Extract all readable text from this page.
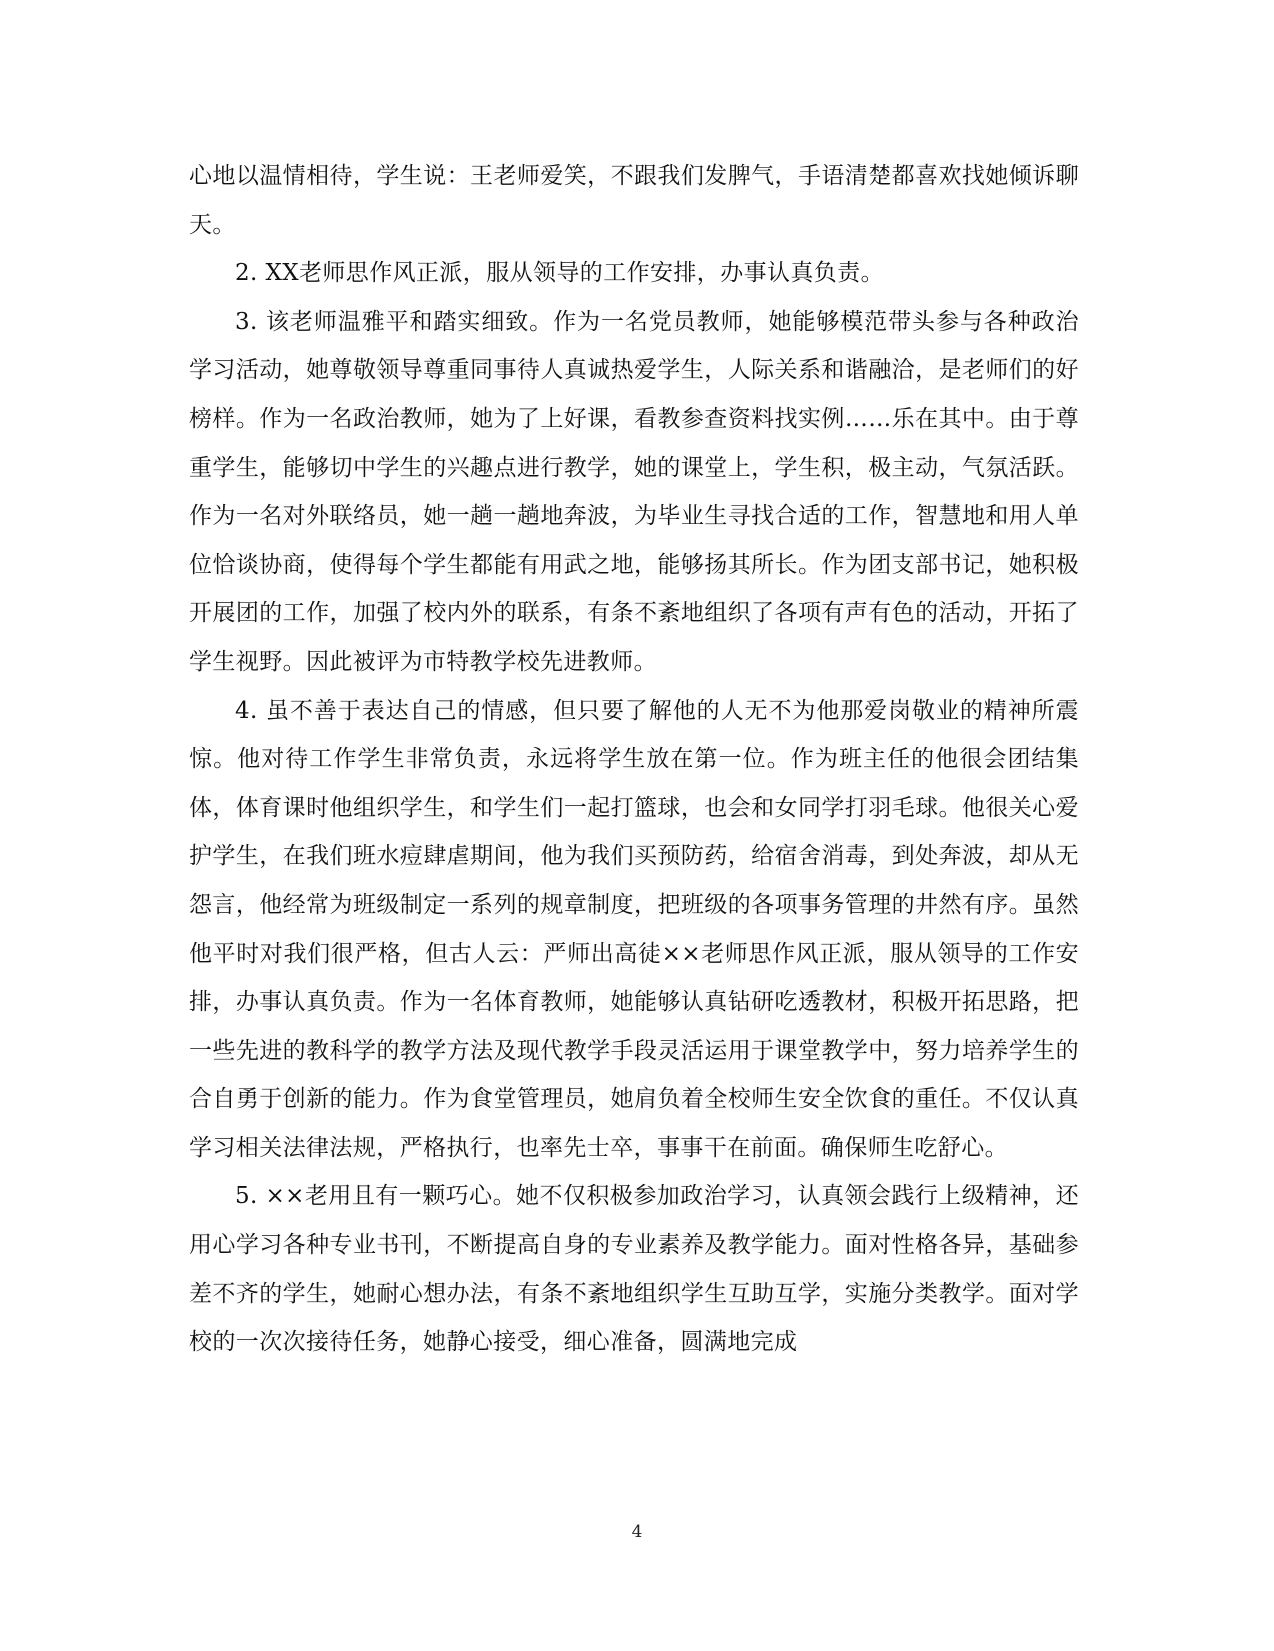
心地以温情相待，学生说：王老师爱笑，不跟我们发脾气，手语清楚都喜欢找她倾诉聊天。

2. XX老师思作风正派，服从领导的工作安排，办事认真负责。

3. 该老师温雅平和踏实细致。作为一名党员教师，她能够模范带头参与各种政治学习活动，她尊敬领导尊重同事待人真诚热爱学生，人际关系和谐融洽，是老师们的好榜样。作为一名政治教师，她为了上好课，看教参查资料找实例……乐在其中。由于尊重学生，能够切中学生的兴趣点进行教学，她的课堂上，学生积，极主动，气氛活跃。作为一名对外联络员，她一趟一趟地奔波，为毕业生寻找合适的工作，智慧地和用人单位恰谈协商，使得每个学生都能有用武之地，能够扬其所长。作为团支部书记，她积极开展团的工作，加强了校内外的联系，有条不紊地组织了各项有声有色的活动，开拓了学生视野。因此被评为市特教学校先进教师。

4. 虽不善于表达自己的情感，但只要了解他的人无不为他那爱岗敬业的精神所震惊。他对待工作学生非常负责，永远将学生放在第一位。作为班主任的他很会团结集体，体育课时他组织学生，和学生们一起打篮球，也会和女同学打羽毛球。他很关心爱护学生，在我们班水痘肆虐期间，他为我们买预防药，给宿舍消毒，到处奔波，却从无怨言，他经常为班级制定一系列的规章制度，把班级的各项事务管理的井然有序。虽然他平时对我们很严格，但古人云：严师出高徒××老师思作风正派，服从领导的工作安排，办事认真负责。作为一名体育教师，她能够认真钻研吃透教材，积极开拓思路，把一些先进的教科学的教学方法及现代教学手段灵活运用于课堂教学中，努力培养学生的合自勇于创新的能力。作为食堂管理员，她肩负着全校师生安全饮食的重任。不仅认真学习相关法律法规，严格执行，也率先士卒，事事干在前面。确保师生吃舒心。

5. ××老用且有一颗巧心。她不仅积极参加政治学习，认真领会践行上级精神，还用心学习各种专业书刊，不断提高自身的专业素养及教学能力。面对性格各异，基础参差不齐的学生，她耐心想办法，有条不紊地组织学生互助互学，实施分类教学。面对学校的一次次接待任务，她静心接受，细心准备，圆满地完成

4
